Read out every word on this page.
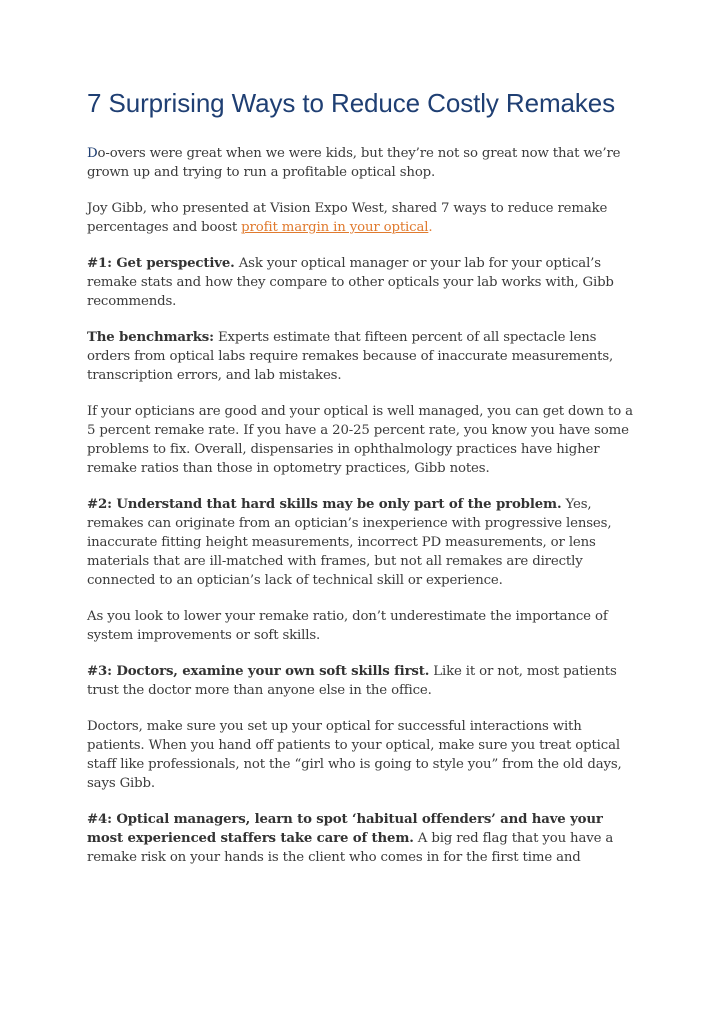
7 Surprising Ways to Reduce Costly Remakes

Do-overs were great when we were kids, but they’re not so great now that we’re grown up and trying to run a profitable optical shop.

Joy Gibb, who presented at Vision Expo West, shared 7 ways to reduce remake percentages and boost profit margin in your optical.

#1: Get perspective. Ask your optical manager or your lab for your optical’s remake stats and how they compare to other opticals your lab works with, Gibb recommends.

The benchmarks: Experts estimate that fifteen percent of all spectacle lens orders from optical labs require remakes because of inaccurate measurements, transcription errors, and lab mistakes.

If your opticians are good and your optical is well managed, you can get down to a 5 percent remake rate. If you have a 20-25 percent rate, you know you have some problems to fix. Overall, dispensaries in ophthalmology practices have higher remake ratios than those in optometry practices, Gibb notes.

#2: Understand that hard skills may be only part of the problem. Yes, remakes can originate from an optician’s inexperience with progressive lenses, inaccurate fitting height measurements, incorrect PD measurements, or lens materials that are ill-matched with frames, but not all remakes are directly connected to an optician’s lack of technical skill or experience.

As you look to lower your remake ratio, don’t underestimate the importance of system improvements or soft skills.

#3: Doctors, examine your own soft skills first. Like it or not, most patients trust the doctor more than anyone else in the office.

Doctors, make sure you set up your optical for successful interactions with patients. When you hand off patients to your optical, make sure you treat optical staff like professionals, not the “girl who is going to style you” from the old days, says Gibb.

#4: Optical managers, learn to spot ‘habitual offenders’ and have your most experienced staffers take care of them. A big red flag that you have a remake risk on your hands is the client who comes in for the first time and
